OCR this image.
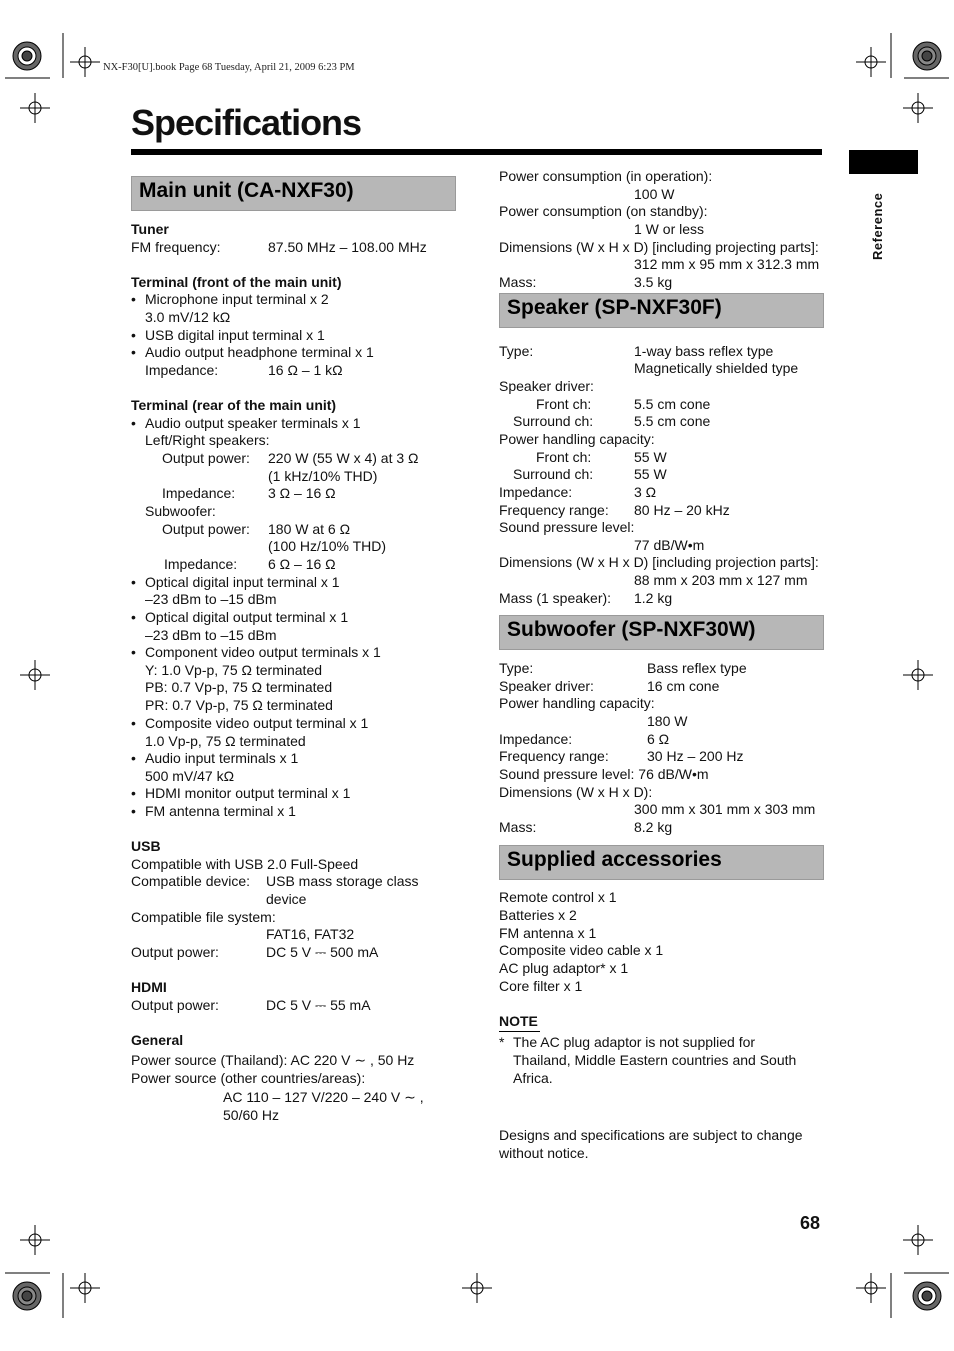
NX-F30[U].book Page 68 Tuesday, April 21, 2009 6:23 PM
Specifications
Reference
Main unit (CA-NXF30)
Speaker (SP-NXF30F)
Subwoofer (SP-NXF30W)
Supplied accessories
Tuner
FM frequency:	87.50 MHz – 108.00 MHz
Terminal (front of the main unit)
• Microphone input terminal x 2
3.0 mV/12 kΩ
• USB digital input terminal x 1
• Audio output headphone terminal x 1
Impedance:	16 Ω – 1 kΩ
Terminal (rear of the main unit)
• Audio output speaker terminals x 1
Left/Right speakers:
Output power: 220 W (55 W x 4) at 3 Ω
(1 kHz/10% THD)
Impedance: 3 Ω – 16 Ω
Subwoofer:
Output power: 180 W at 6 Ω
(100 Hz/10% THD)
Impedance: 6 Ω – 16 Ω
• Optical digital input terminal x 1
–23 dBm to –15 dBm
• Optical digital output terminal x 1
–23 dBm to –15 dBm
• Component video output terminals x 1
Y: 1.0 Vp-p, 75 Ω terminated
PB: 0.7 Vp-p, 75 Ω terminated
PR: 0.7 Vp-p, 75 Ω terminated
• Composite video output terminal x 1
1.0 Vp-p, 75 Ω terminated
• Audio input terminals x 1
500 mV/47 kΩ
• HDMI monitor output terminal x 1
• FM antenna terminal x 1
USB
Compatible with USB 2.0 Full-Speed
Compatible device: USB mass storage class
device
Compatible file system:
FAT16, FAT32
Output power:	DC 5 V ⎓ 500 mA
HDMI
Output power:	DC 5 V ⎓ 55 mA
General
Power source (Thailand): AC 220 V ∼ , 50 Hz
Power source (other countries/areas):
AC 110 – 127 V/220 – 240 V ∼ ,
50/60 Hz
Power consumption (in operation):
100 W
Power consumption (on standby):
1 W or less
Dimensions (W x H x D) [including projecting parts]:
312 mm x 95 mm x 312.3 mm
Mass:	3.5 kg
Type:	1-way bass reflex type
Magnetically shielded type
Speaker driver:
Front ch:	5.5 cm cone
Surround ch:	5.5 cm cone
Power handling capacity:
Front ch:	55 W
Surround ch:	55 W
Impedance:	3 Ω
Frequency range: 80 Hz – 20 kHz
Sound pressure level:
77 dB/W•m
Dimensions (W x H x D) [including projection parts]:
88 mm x 203 mm x 127 mm
Mass (1 speaker): 1.2 kg
Type:	Bass reflex type
Speaker driver:	16 cm cone
Power handling capacity:
180 W
Impedance:	6 Ω
Frequency range:	30 Hz – 200 Hz
Sound pressure level: 76 dB/W•m
Dimensions (W x H x D):
300 mm x 301 mm x 303 mm
Mass:	8.2 kg
Remote control x 1
Batteries x 2
FM antenna x 1
Composite video cable x 1
AC plug adaptor* x 1
Core filter x 1
NOTE
* The AC plug adaptor is not supplied for
Thailand, Middle Eastern countries and South
Africa.
Designs and specifications are subject to change
without notice.
68
